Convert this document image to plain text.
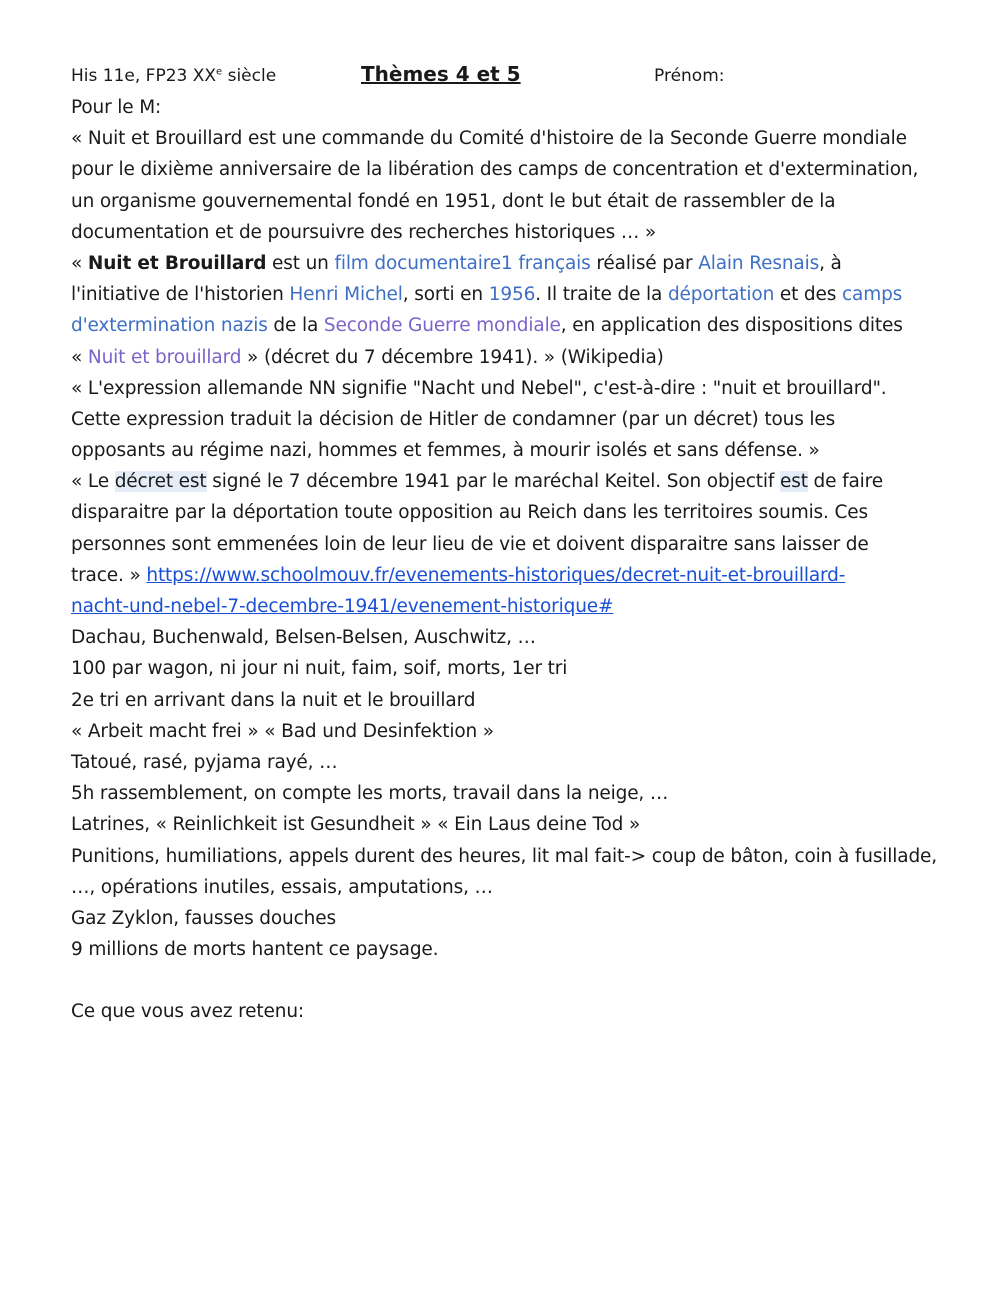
His 11e, FP23 XXe siècle	Thèmes 4 et 5	Prénom:
Pour le M:
« Nuit et Brouillard est une commande du Comité d'histoire de la Seconde Guerre mondiale
pour le dixième anniversaire de la libération des camps de concentration et d'extermination,
un organisme gouvernemental fondé en 1951, dont le but était de rassembler de la
documentation et de poursuivre des recherches historiques … »
« Nuit et Brouillard est un film documentaire1 français réalisé par Alain Resnais, à
l'initiative de l'historien Henri Michel, sorti en 1956. Il traite de la déportation et des camps
d'extermination nazis de la Seconde Guerre mondiale, en application des dispositions dites
« Nuit et brouillard » (décret du 7 décembre 1941). » (Wikipedia)
« L'expression allemande NN signifie "Nacht und Nebel", c'est-à-dire : "nuit et brouillard".
Cette expression traduit la décision de Hitler de condamner (par un décret) tous les
opposants au régime nazi, hommes et femmes, à mourir isolés et sans défense. »
« Le décret est signé le 7 décembre 1941 par le maréchal Keitel. Son objectif est de faire
disparaitre par la déportation toute opposition au Reich dans les territoires soumis. Ces
personnes sont emmenées loin de leur lieu de vie et doivent disparaitre sans laisser de
trace. » https://www.schoolmouv.fr/evenements-historiques/decret-nuit-et-brouillard-
nacht-und-nebel-7-decembre-1941/evenement-historique#
Dachau, Buchenwald, Belsen-Belsen, Auschwitz, …
100 par wagon, ni jour ni nuit, faim, soif, morts, 1er tri
2e tri en arrivant dans la nuit et le brouillard
« Arbeit macht frei » « Bad und Desinfektion »
Tatoué, rasé, pyjama rayé, …
5h rassemblement, on compte les morts, travail dans la neige, …
Latrines, « Reinlichkeit ist Gesundheit » « Ein Laus deine Tod »
Punitions, humiliations, appels durent des heures, lit mal fait-> coup de bâton, coin à fusillade,
…, opérations inutiles, essais, amputations, …
Gaz Zyklon, fausses douches
9 millions de morts hantent ce paysage.
Ce que vous avez retenu:
